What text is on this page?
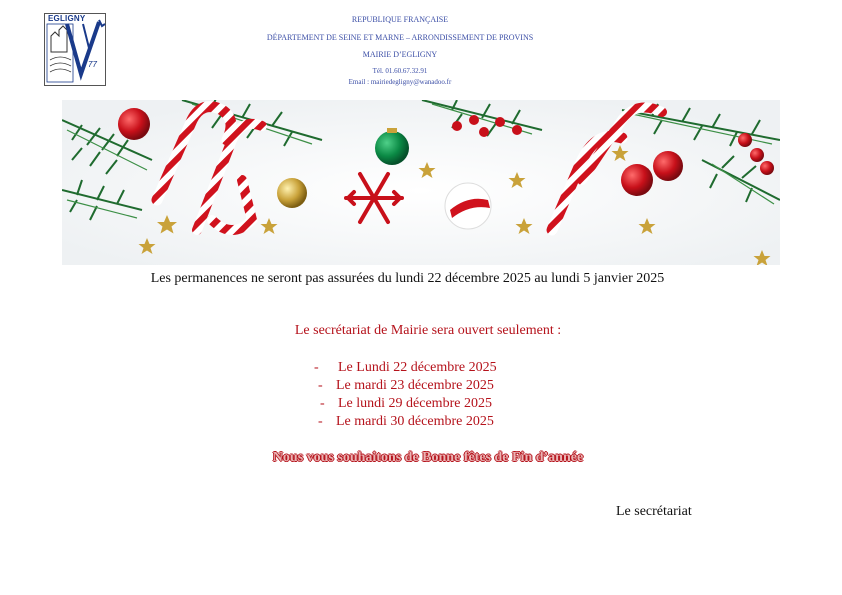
EGLIGNY
77
REPUBLIQUE FRANÇAISE
DÉPARTEMENT DE SEINE ET MARNE – ARRONDISSEMENT DE PROVINS
MAIRIE D’EGLIGNY
Tél. 01.60.67.32.91
Email : mairiedegligny@wanadoo.fr
Les permanences ne seront pas assurées du lundi 22 décembre 2025 au lundi 5 janvier 2025
Le secrétariat de Mairie sera ouvert seulement :
- Le Lundi 22 décembre 2025
- Le mardi 23 décembre 2025
- Le lundi 29 décembre 2025
- Le mardi 30 décembre 2025
Nous vous souhaitons de Bonne fêtes de Fin d’année
Le secrétariat
